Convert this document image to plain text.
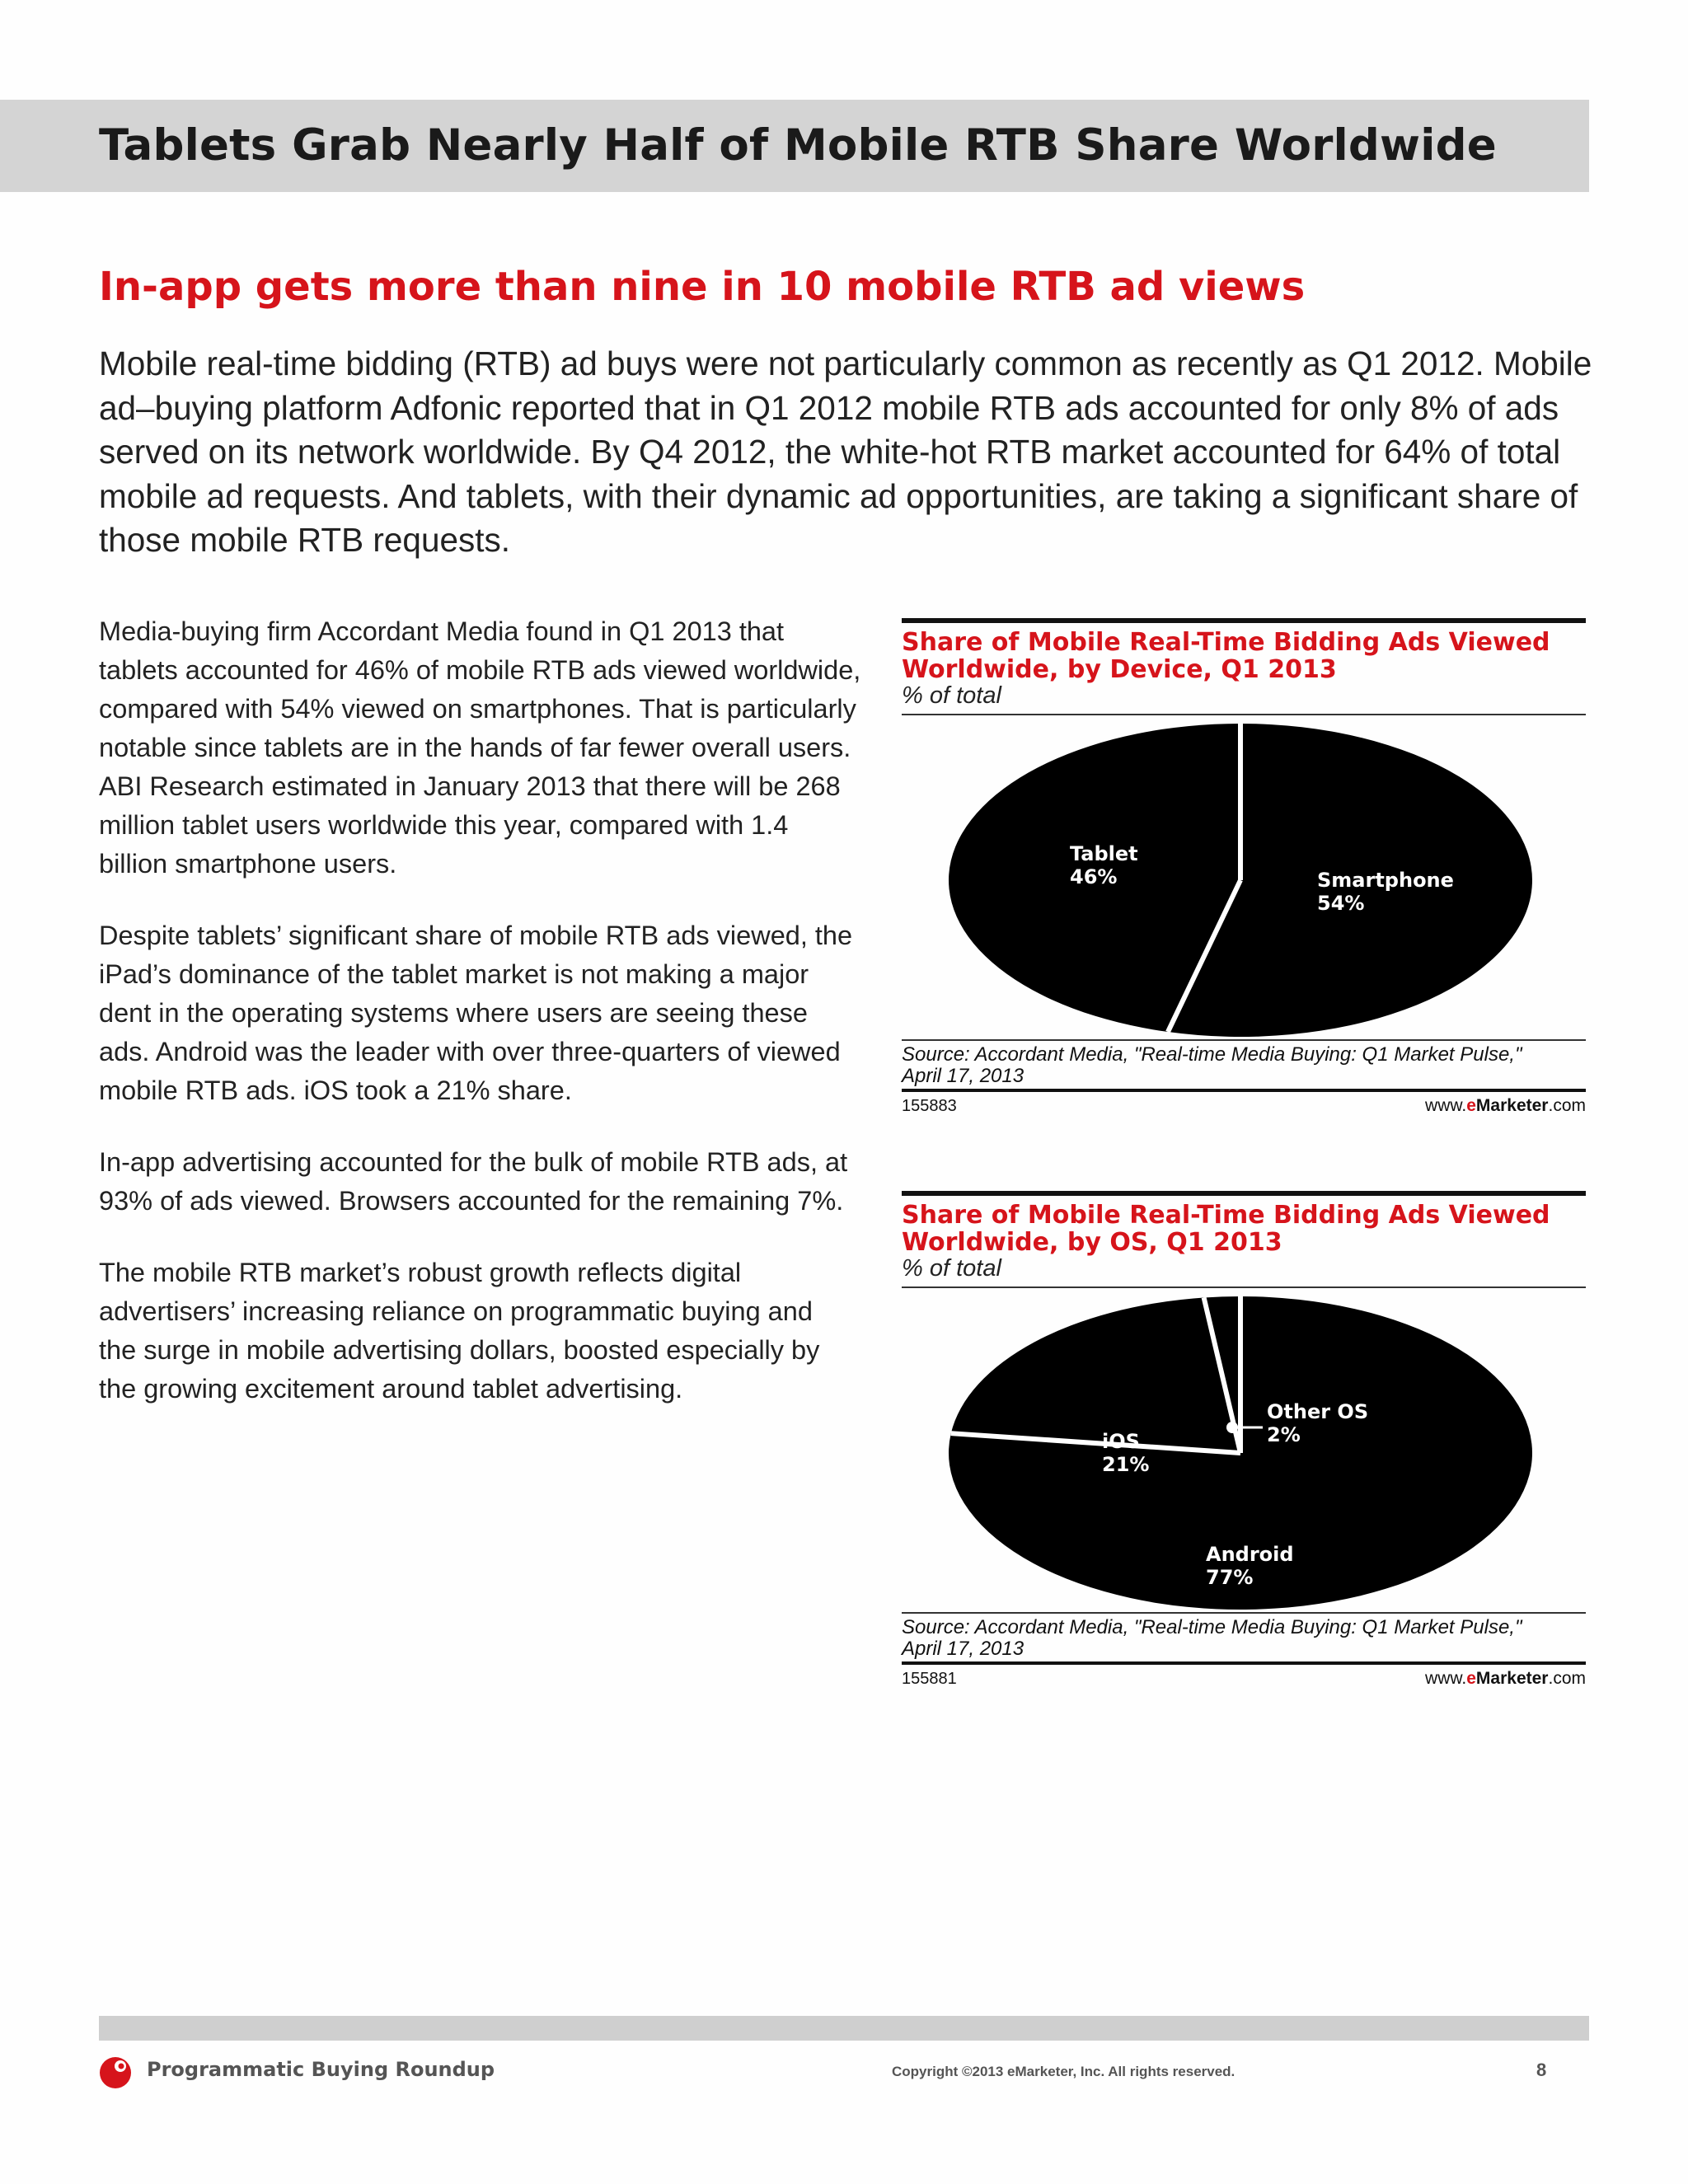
Tablets Grab Nearly Half of Mobile RTB Share Worldwide
In-app gets more than nine in 10 mobile RTB ad views
Mobile real-time bidding (RTB) ad buys were not particularly common as recently as Q1 2012. Mobile
ad–buying platform Adfonic reported that in Q1 2012 mobile RTB ads accounted for only 8% of ads
served on its network worldwide. By Q4 2012, the white-hot RTB market accounted for 64% of total
mobile ad requests. And tablets, with their dynamic ad opportunities, are taking a significant share of
those mobile RTB requests.

Media-buying firm Accordant Media found in Q1 2013 that
tablets accounted for 46% of mobile RTB ads viewed worldwide,
compared with 54% viewed on smartphones. That is particularly
notable since tablets are in the hands of far fewer overall users.
ABI Research estimated in January 2013 that there will be 268
million tablet users worldwide this year, compared with 1.4
billion smartphone users.

Despite tablets’ significant share of mobile RTB ads viewed, the
iPad’s dominance of the tablet market is not making a major
dent in the operating systems where users are seeing these
ads. Android was the leader with over three-quarters of viewed
mobile RTB ads. iOS took a 21% share.

In-app advertising accounted for the bulk of mobile RTB ads, at
93% of ads viewed. Browsers accounted for the remaining 7%.

The mobile RTB market’s robust growth reflects digital
advertisers’ increasing reliance on programmatic buying and
the surge in mobile advertising dollars, boosted especially by
the growing excitement around tablet advertising.

Share of Mobile Real-Time Bidding Ads Viewed
Worldwide, by Device, Q1 2013
% of total
Tablet
46%	Smartphone
54%
Source: Accordant Media, "Real-time Media Buying: Q1 Market Pulse,"
April 17, 2013
155883	www.eMarketer.com
Share of Mobile Real-Time Bidding Ads Viewed
Worldwide, by OS, Q1 2013
% of total
iOS
21%
Other OS
2%
Android
77%
Source: Accordant Media, "Real-time Media Buying: Q1 Market Pulse,"
April 17, 2013
155881	www.eMarketer.com
Programmatic Buying Roundup	Copyright ©2013 eMarketer, Inc. All rights reserved.	8
